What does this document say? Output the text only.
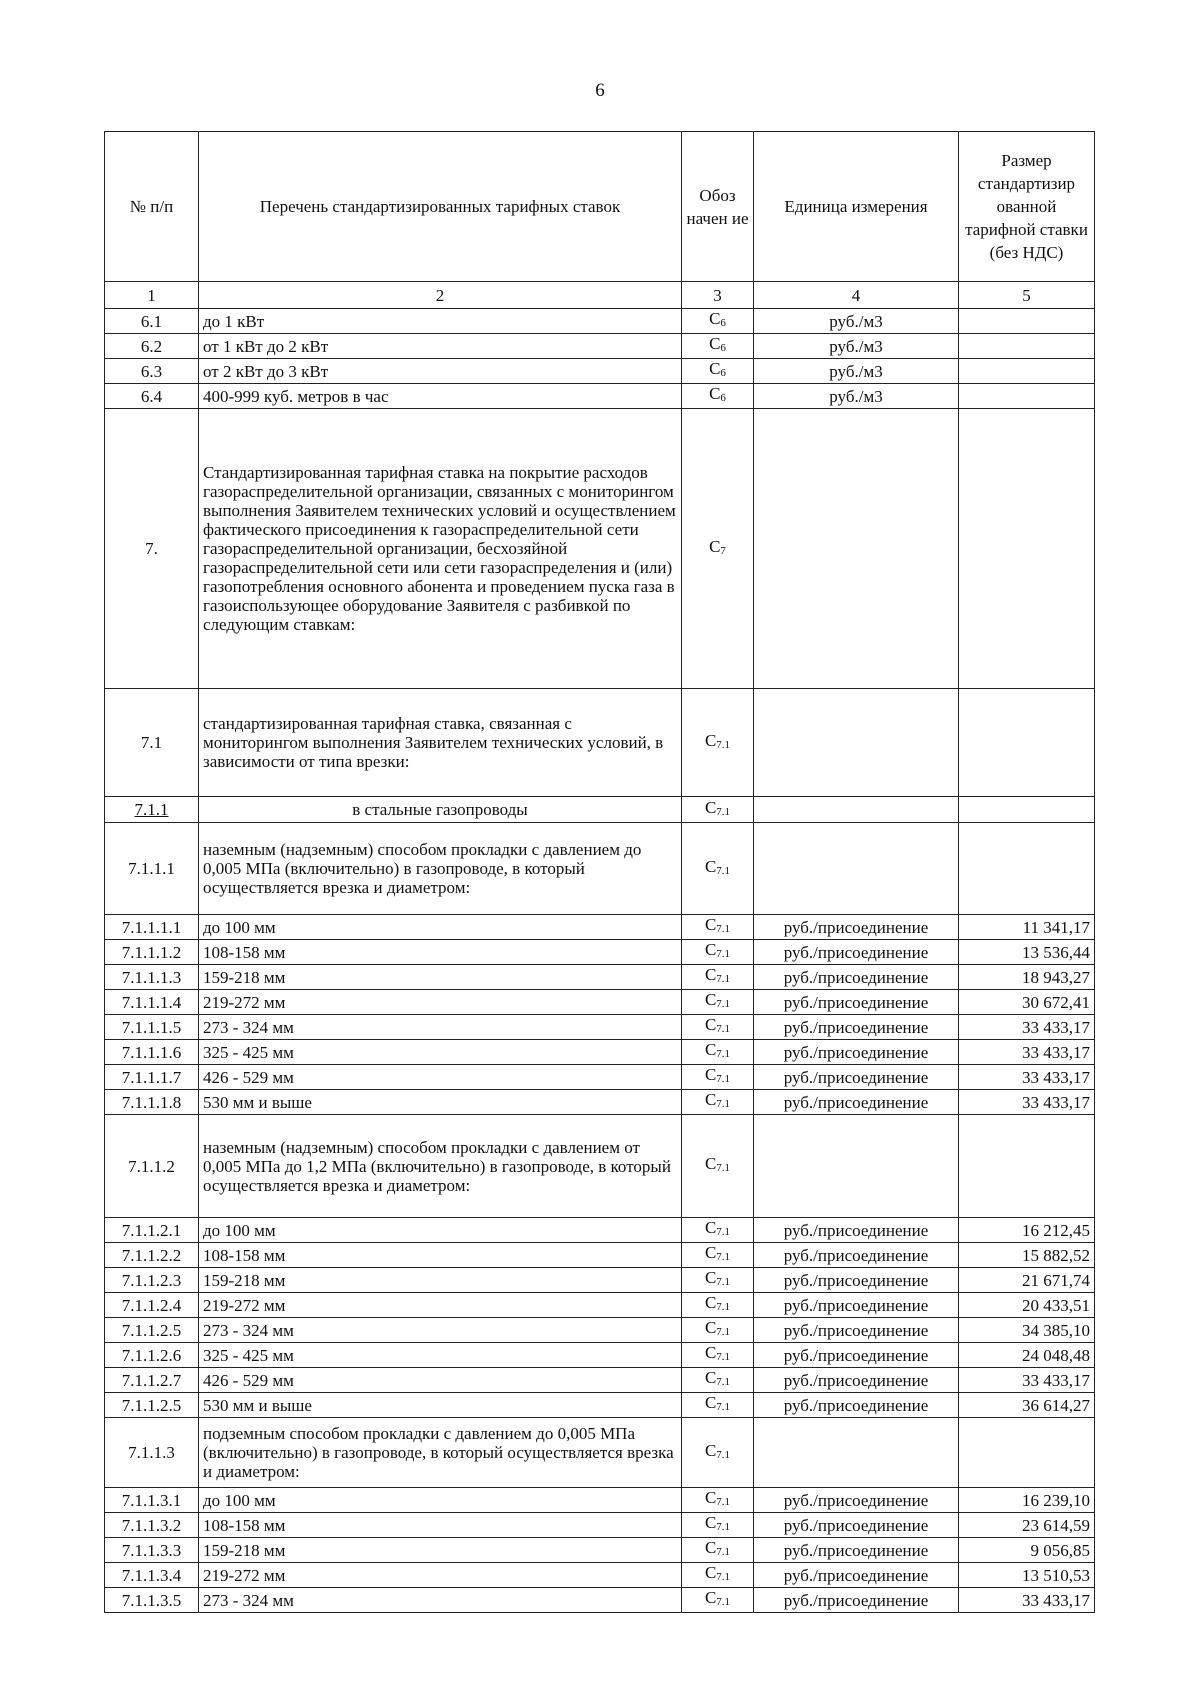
6
№ п/п	Перечень стандартизированных тарифных ставок	Обоз начен ие	Единица измерения	Размер стандартизир ованной тарифной ставки (без НДС)
1	2	3	4	5
6.1	до 1 кВт	С6	руб./м3	
6.2	от 1 кВт до 2 кВт	С6	руб./м3	
6.3	от 2 кВт до 3 кВт	С6	руб./м3	
6.4	400-999 куб. метров в час	С6	руб./м3	
7.	Стандартизированная тарифная ставка на покрытие расходов газораспределительной организации, связанных с мониторингом выполнения Заявителем технических условий и осуществлением фактического присоединения к газораспределительной сети газораспределительной организации, бесхозяйной газораспределительной сети или сети газораспределения и (или) газопотребления основного абонента и проведением пуска газа в газоиспользующее оборудование Заявителя с разбивкой по следующим ставкам:	С7		
7.1	стандартизированная тарифная ставка, связанная с мониторингом выполнения Заявителем технических условий, в зависимости от типа врезки:	С7.1		
7.1.1	в стальные газопроводы	С7.1		
7.1.1.1	наземным (надземным) способом прокладки с давлением до 0,005 МПа (включительно) в газопроводе, в который осуществляется врезка и диаметром:	С7.1		
7.1.1.1.1	до 100 мм	С7.1	руб./присоединение	11 341,17
7.1.1.1.2	108-158 мм	С7.1	руб./присоединение	13 536,44
7.1.1.1.3	159-218 мм	С7.1	руб./присоединение	18 943,27
7.1.1.1.4	219-272 мм	С7.1	руб./присоединение	30 672,41
7.1.1.1.5	273 - 324 мм	С7.1	руб./присоединение	33 433,17
7.1.1.1.6	325 - 425 мм	С7.1	руб./присоединение	33 433,17
7.1.1.1.7	426 - 529 мм	С7.1	руб./присоединение	33 433,17
7.1.1.1.8	530 мм и выше	С7.1	руб./присоединение	33 433,17
7.1.1.2	наземным (надземным) способом прокладки с давлением от 0,005 МПа до 1,2 МПа (включительно) в газопроводе, в который осуществляется врезка и диаметром:	С7.1		
7.1.1.2.1	до 100 мм	С7.1	руб./присоединение	16 212,45
7.1.1.2.2	108-158 мм	С7.1	руб./присоединение	15 882,52
7.1.1.2.3	159-218 мм	С7.1	руб./присоединение	21 671,74
7.1.1.2.4	219-272 мм	С7.1	руб./присоединение	20 433,51
7.1.1.2.5	273 - 324 мм	С7.1	руб./присоединение	34 385,10
7.1.1.2.6	325 - 425 мм	С7.1	руб./присоединение	24 048,48
7.1.1.2.7	426 - 529 мм	С7.1	руб./присоединение	33 433,17
7.1.1.2.5	530 мм и выше	С7.1	руб./присоединение	36 614,27
7.1.1.3	подземным способом прокладки с давлением до 0,005 МПа (включительно) в газопроводе, в который осуществляется врезка и диаметром:	С7.1		
7.1.1.3.1	до 100 мм	С7.1	руб./присоединение	16 239,10
7.1.1.3.2	108-158 мм	С7.1	руб./присоединение	23 614,59
7.1.1.3.3	159-218 мм	С7.1	руб./присоединение	9 056,85
7.1.1.3.4	219-272 мм	С7.1	руб./присоединение	13 510,53
7.1.1.3.5	273 - 324 мм	С7.1	руб./присоединение	33 433,17
